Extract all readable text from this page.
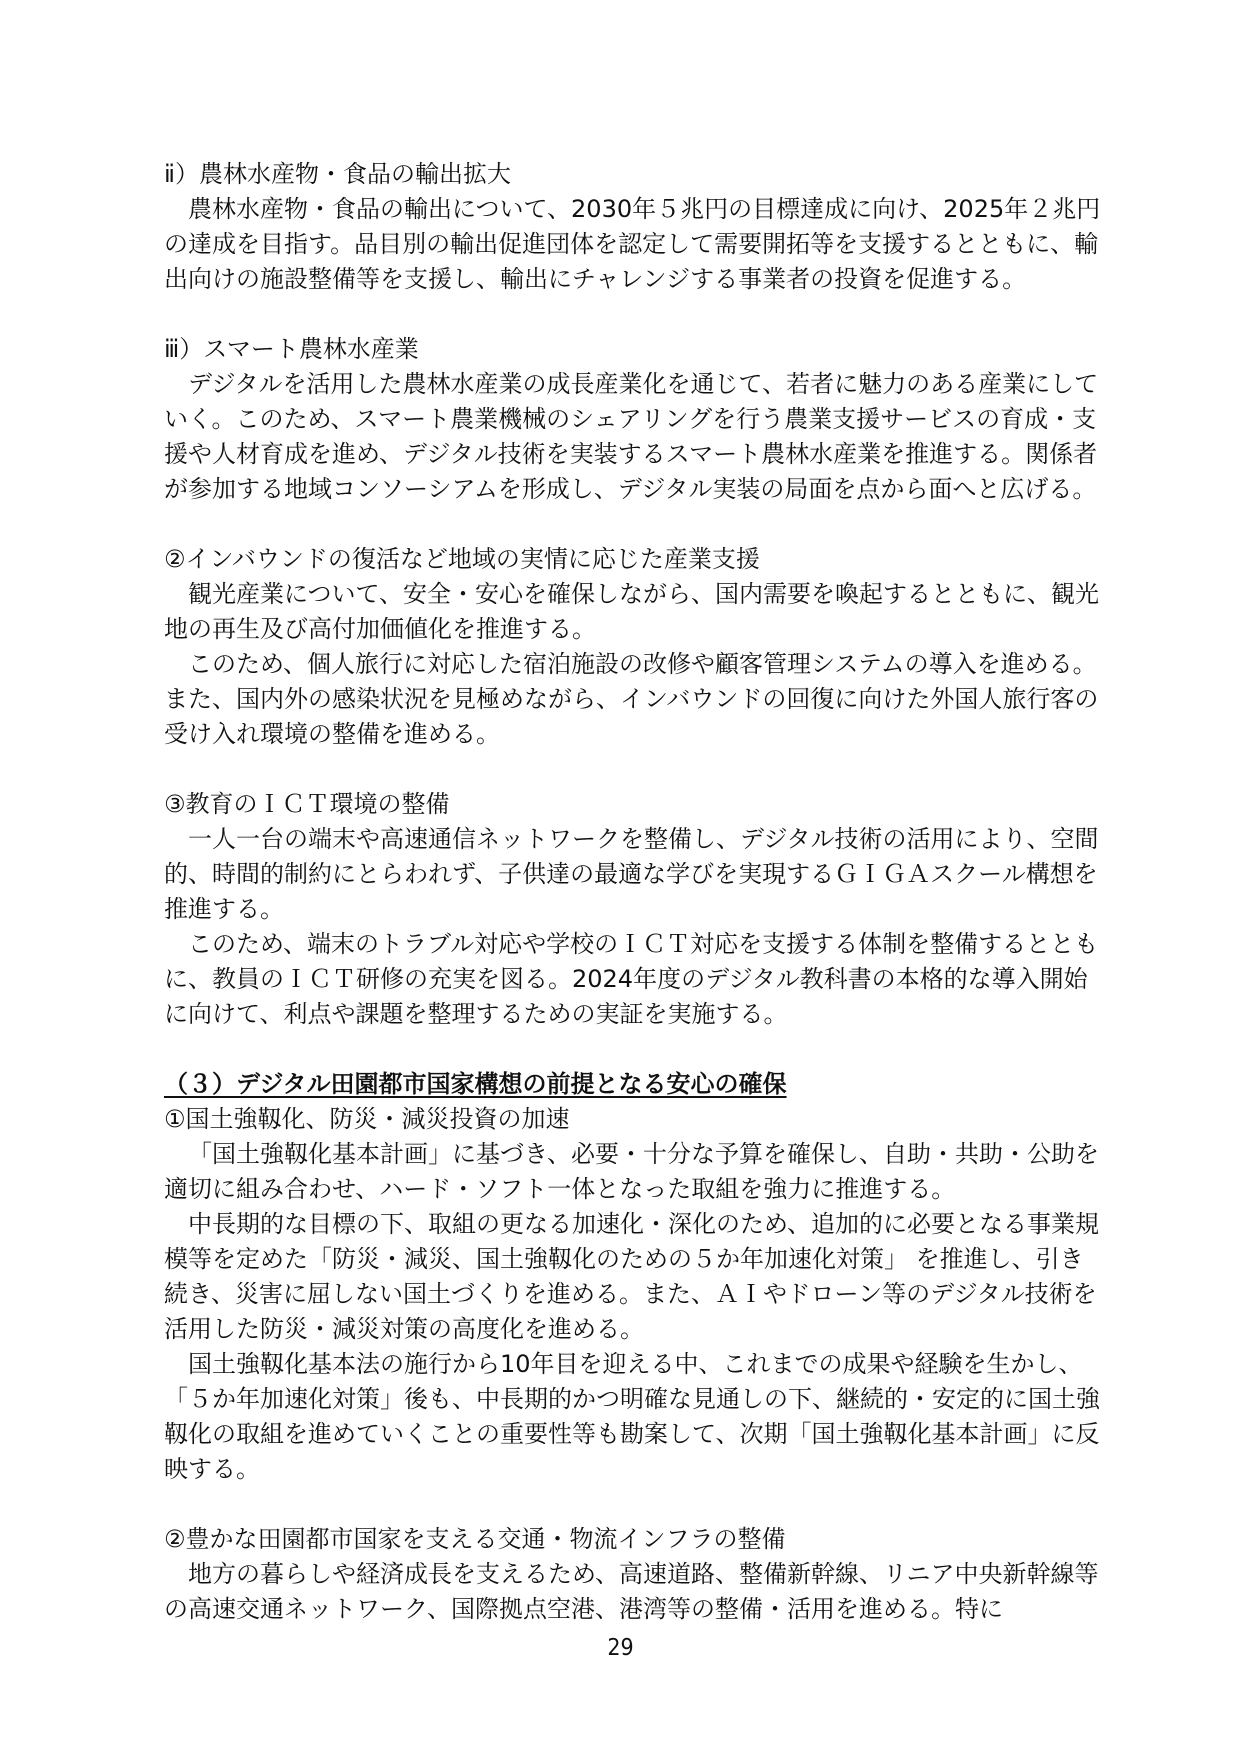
ⅱ）農林水産物・食品の輸出拡大

農林水産物・食品の輸出について、2030年５兆円の目標達成に向け、2025年２兆円の達成を目指す。品目別の輸出促進団体を認定して需要開拓等を支援するとともに、輸出向けの施設整備等を支援し、輸出にチャレンジする事業者の投資を促進する。

ⅲ）スマート農林水産業

デジタルを活用した農林水産業の成長産業化を通じて、若者に魅力のある産業にしていく。このため、スマート農業機械のシェアリングを行う農業支援サービスの育成・支援や人材育成を進め、デジタル技術を実装するスマート農林水産業を推進する。関係者が参加する地域コンソーシアムを形成し、デジタル実装の局面を点から面へと広げる。

②インバウンドの復活など地域の実情に応じた産業支援

観光産業について、安全・安心を確保しながら、国内需要を喚起するとともに、観光地の再生及び高付加価値化を推進する。

このため、個人旅行に対応した宿泊施設の改修や顧客管理システムの導入を進める。また、国内外の感染状況を見極めながら、インバウンドの回復に向けた外国人旅行客の受け入れ環境の整備を進める。

③教育のＩＣＴ環境の整備

一人一台の端末や高速通信ネットワークを整備し、デジタル技術の活用により、空間的、時間的制約にとらわれず、子供達の最適な学びを実現するＧＩＧＡスクール構想を推進する。

このため、端末のトラブル対応や学校のＩＣＴ対応を支援する体制を整備するとともに、教員のＩＣＴ研修の充実を図る。2024年度のデジタル教科書の本格的な導入開始に向けて、利点や課題を整理するための実証を実施する。

（３）デジタル田園都市国家構想の前提となる安心の確保

①国土強靱化、防災・減災投資の加速

「国土強靱化基本計画」に基づき、必要・十分な予算を確保し、自助・共助・公助を適切に組み合わせ、ハード・ソフト一体となった取組を強力に推進する。

中長期的な目標の下、取組の更なる加速化・深化のため、追加的に必要となる事業規模等を定めた「防災・減災、国土強靱化のための５か年加速化対策」 を推進し、引き続き、災害に屈しない国土づくりを進める。また、ＡＩやドローン等のデジタル技術を活用した防災・減災対策の高度化を進める。

国土強靱化基本法の施行から10年目を迎える中、これまでの成果や経験を生かし、「５か年加速化対策」後も、中長期的かつ明確な見通しの下、継続的・安定的に国土強靱化の取組を進めていくことの重要性等も勘案して、次期「国土強靱化基本計画」に反映する。

②豊かな田園都市国家を支える交通・物流インフラの整備

地方の暮らしや経済成長を支えるため、高速道路、整備新幹線、リニア中央新幹線等の高速交通ネットワーク、国際拠点空港、港湾等の整備・活用を進める。特に

29
